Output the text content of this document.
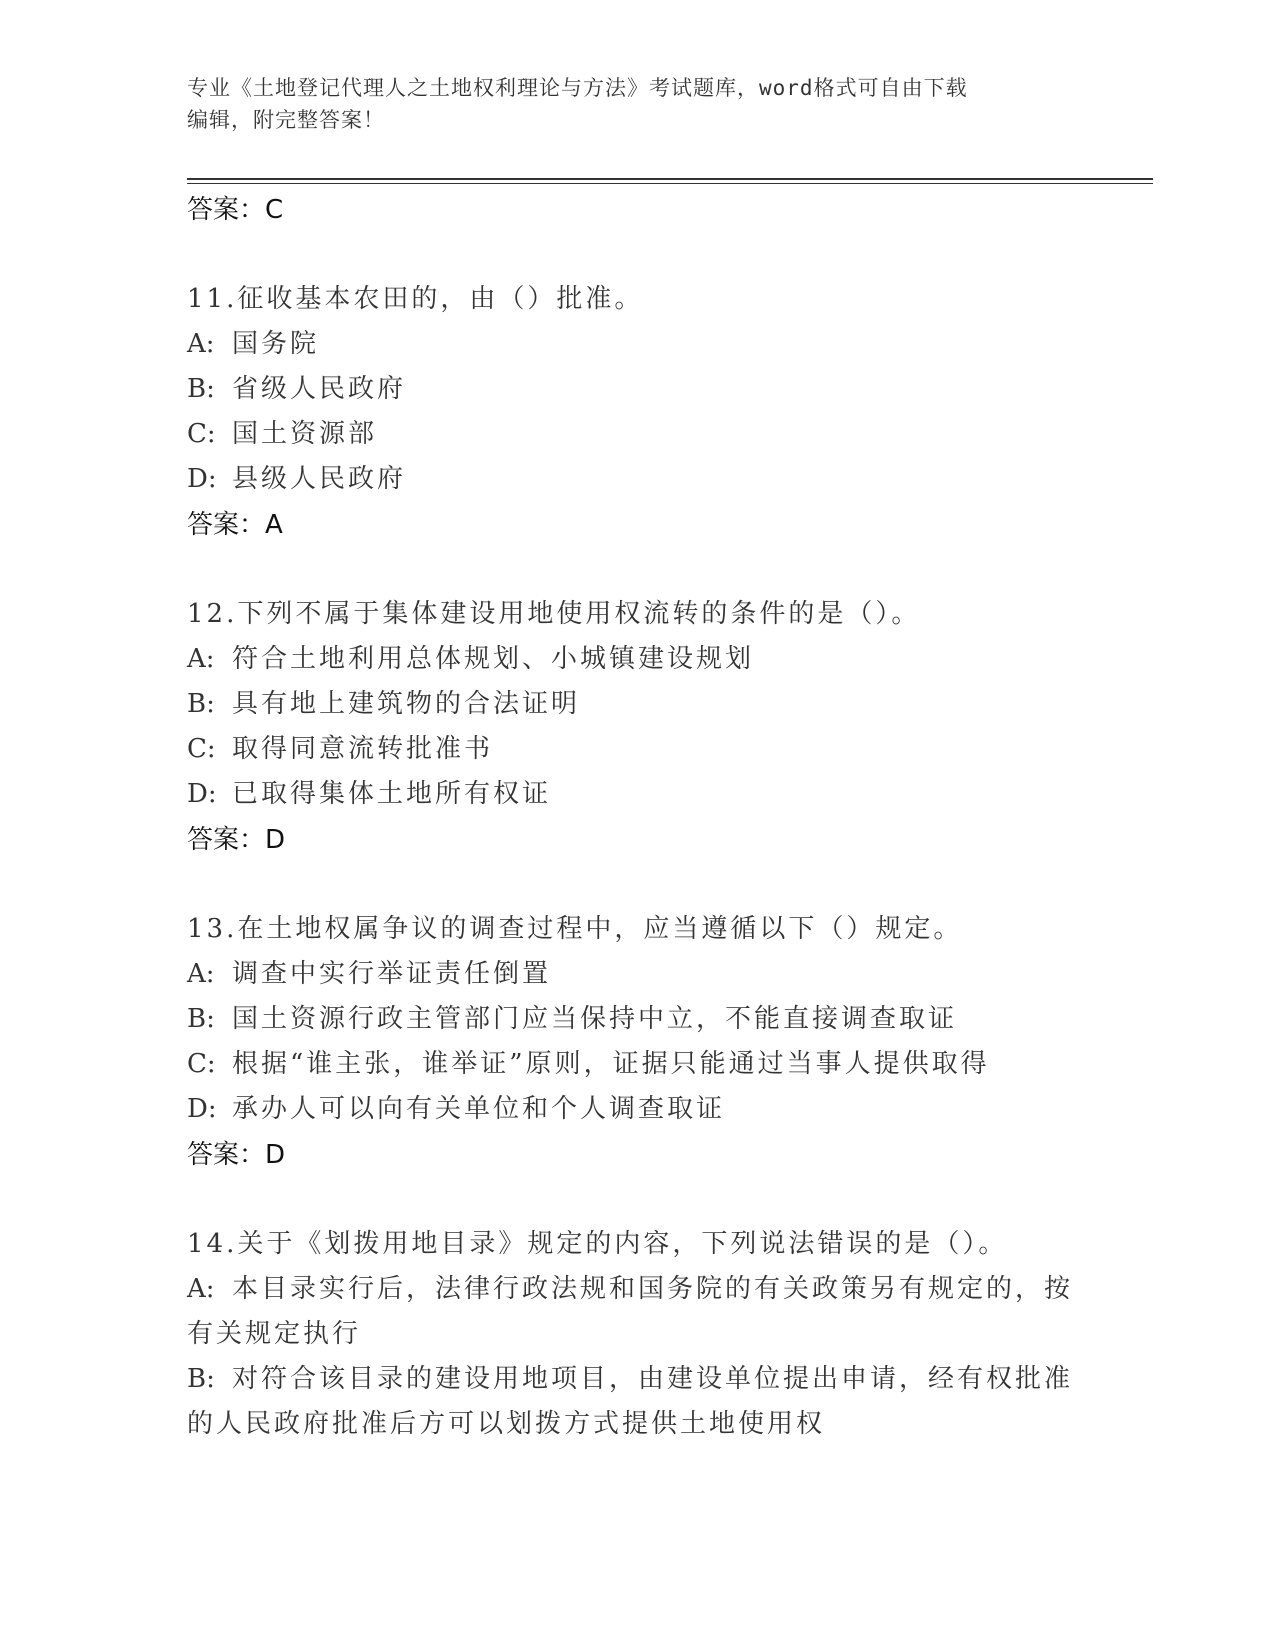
专业《土地登记代理人之土地权利理论与方法》考试题库，word格式可自由下载
编辑，附完整答案！
答案：C
11.征收基本农田的，由（）批准。
A: 国务院
B: 省级人民政府
C: 国土资源部
D: 县级人民政府
答案：A
12.下列不属于集体建设用地使用权流转的条件的是（）。
A: 符合土地利用总体规划、小城镇建设规划
B: 具有地上建筑物的合法证明
C: 取得同意流转批准书
D: 已取得集体土地所有权证
答案：D
13.在土地权属争议的调查过程中，应当遵循以下（）规定。
A: 调查中实行举证责任倒置
B: 国土资源行政主管部门应当保持中立，不能直接调查取证
C: 根据“谁主张，谁举证”原则，证据只能通过当事人提供取得
D: 承办人可以向有关单位和个人调查取证
答案：D
14.关于《划拨用地目录》规定的内容，下列说法错误的是（）。
A: 本目录实行后，法律行政法规和国务院的有关政策另有规定的，按
有关规定执行
B: 对符合该目录的建设用地项目，由建设单位提出申请，经有权批准
的人民政府批准后方可以划拨方式提供土地使用权
